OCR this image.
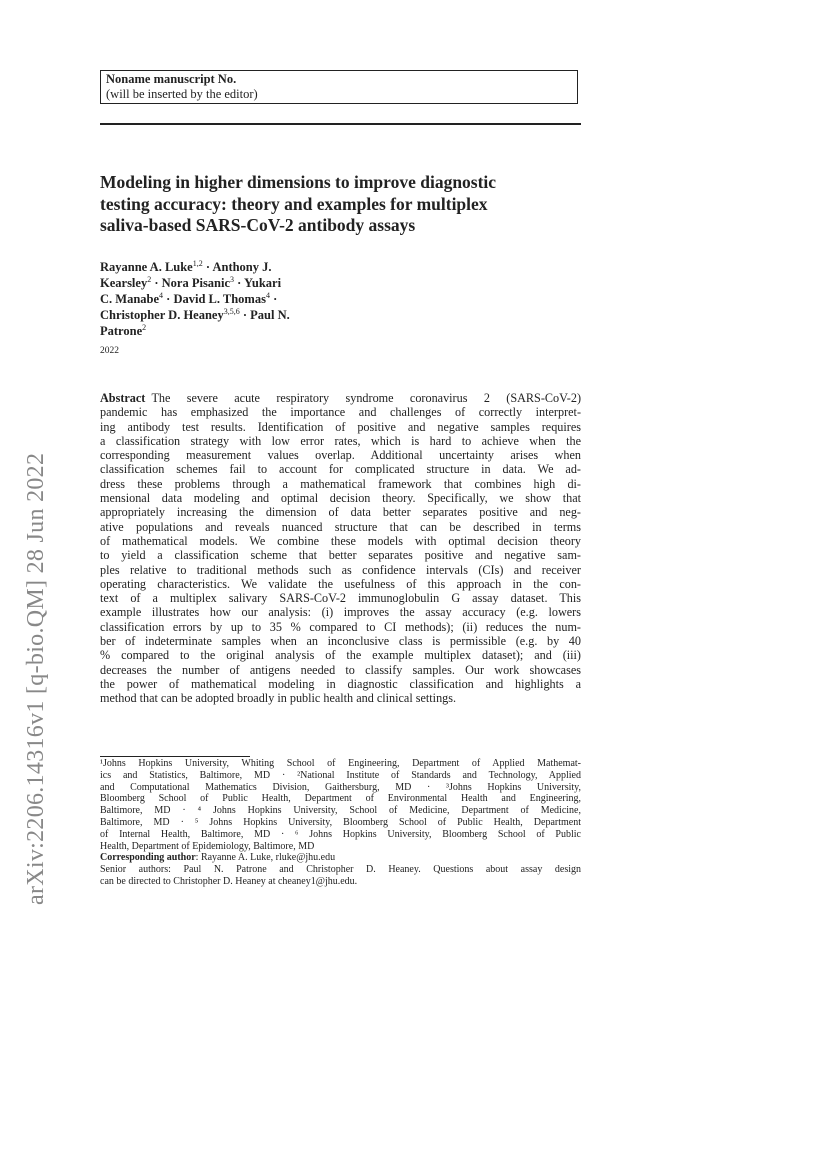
Noname manuscript No.
(will be inserted by the editor)
Modeling in higher dimensions to improve diagnostic
testing accuracy: theory and examples for multiplex
saliva-based SARS-CoV-2 antibody assays
Rayanne A. Luke$^{1,2}$ · Anthony J.
Kearsley$^2$ · Nora Pisanic$^3$ · Yukari
C. Manabe$^4$ · David L. Thomas$^4$ ·
Christopher D. Heaney$^{3,5,6}$ · Paul N.
Patrone$^2$
2022
Abstract  The severe acute respiratory syndrome coronavirus 2 (SARS-CoV-2)
pandemic has emphasized the importance and challenges of correctly interpret-
ing antibody test results. Identification of positive and negative samples requires
a classification strategy with low error rates, which is hard to achieve when the
corresponding measurement values overlap. Additional uncertainty arises when
classification schemes fail to account for complicated structure in data. We ad-
dress these problems through a mathematical framework that combines high di-
mensional data modeling and optimal decision theory. Specifically, we show that
appropriately increasing the dimension of data better separates positive and neg-
ative populations and reveals nuanced structure that can be described in terms
of mathematical models. We combine these models with optimal decision theory
to yield a classification scheme that better separates positive and negative sam-
ples relative to traditional methods such as confidence intervals (CIs) and receiver
operating characteristics. We validate the usefulness of this approach in the con-
text of a multiplex salivary SARS-CoV-2 immunoglobulin G assay dataset. This
example illustrates how our analysis: (i) improves the assay accuracy (e.g. lowers
classification errors by up to 35 % compared to CI methods); (ii) reduces the num-
ber of indeterminate samples when an inconclusive class is permissible (e.g. by 40
% compared to the original analysis of the example multiplex dataset); and (iii)
decreases the number of antigens needed to classify samples. Our work showcases
the power of mathematical modeling in diagnostic classification and highlights a
method that can be adopted broadly in public health and clinical settings.
¹Johns Hopkins University, Whiting School of Engineering, Department of Applied Mathemat-
ics and Statistics, Baltimore, MD · ²National Institute of Standards and Technology, Applied
and Computational Mathematics Division, Gaithersburg, MD · ³Johns Hopkins University,
Bloomberg School of Public Health, Department of Environmental Health and Engineering,
Baltimore, MD · ⁴ Johns Hopkins University, School of Medicine, Department of Medicine,
Baltimore, MD · ⁵ Johns Hopkins University, Bloomberg School of Public Health, Department
of Internal Health, Baltimore, MD · ⁶ Johns Hopkins University, Bloomberg School of Public
Health, Department of Epidemiology, Baltimore, MD
Corresponding author: Rayanne A. Luke, rluke@jhu.edu
Senior authors: Paul N. Patrone and Christopher D. Heaney. Questions about assay design
can be directed to Christopher D. Heaney at cheaney1@jhu.edu.
arXiv:2206.14316v1 [q-bio.QM] 28 Jun 2022
